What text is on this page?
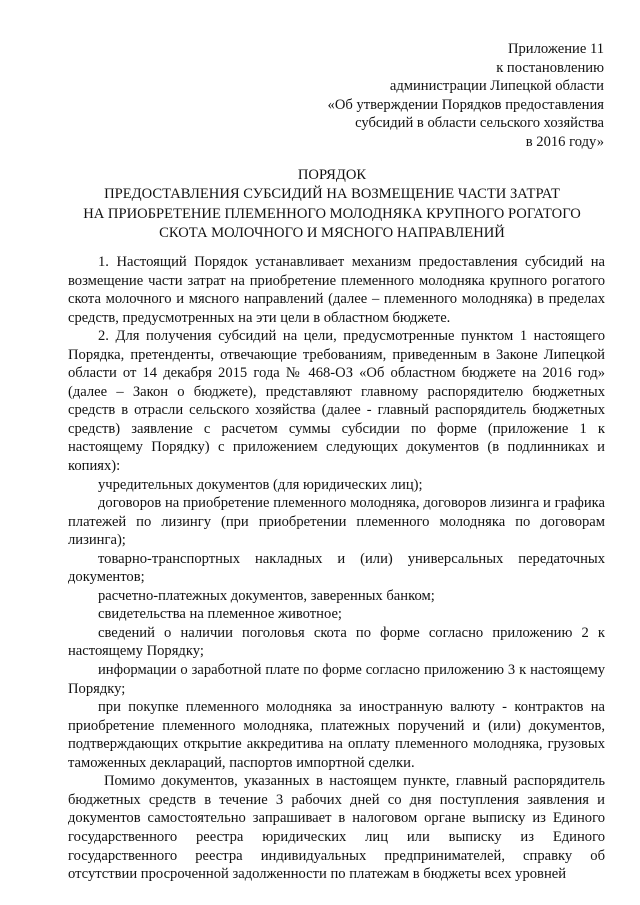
Приложение 11
к постановлению
администрации Липецкой области
«Об утверждении Порядков предоставления
субсидий в области сельского хозяйства
в 2016 году»
ПОРЯДОК
ПРЕДОСТАВЛЕНИЯ СУБСИДИЙ НА ВОЗМЕЩЕНИЕ ЧАСТИ ЗАТРАТ
НА ПРИОБРЕТЕНИЕ ПЛЕМЕННОГО МОЛОДНЯКА КРУПНОГО РОГАТОГО
СКОТА МОЛОЧНОГО И МЯСНОГО НАПРАВЛЕНИЙ

1. Настоящий Порядок устанавливает механизм предоставления субсидий на возмещение части затрат на приобретение племенного молодняка крупного рогатого скота молочного и мясного направлений (далее – племенного молодняка) в пределах средств, предусмотренных на эти цели в областном бюджете.

2. Для получения субсидий на цели, предусмотренные пунктом 1 настоящего Порядка, претенденты, отвечающие требованиям, приведенным в Законе Липецкой области от 14 декабря 2015 года № 468-ОЗ «Об областном бюджете на 2016 год» (далее – Закон о бюджете), представляют главному распорядителю бюджетных средств в отрасли сельского хозяйства (далее - главный распорядитель бюджетных средств) заявление с расчетом суммы субсидии по форме (приложение 1 к настоящему Порядку) с приложением следующих документов (в подлинниках и копиях):

учредительных документов (для юридических лиц);

договоров на приобретение племенного молодняка, договоров лизинга и графика платежей по лизингу (при приобретении племенного молодняка по договорам лизинга);

товарно-транспортных накладных и (или) универсальных передаточных документов;

расчетно-платежных документов, заверенных банком;

свидетельства на племенное животное;

сведений о наличии поголовья скота по форме согласно приложению 2 к настоящему Порядку;

информации о заработной плате по форме согласно приложению 3 к настоящему Порядку;

при покупке племенного молодняка за иностранную валюту - контрактов на приобретение племенного молодняка, платежных поручений и (или) документов, подтверждающих открытие аккредитива на оплату племенного молодняка, грузовых таможенных деклараций, паспортов импортной сделки.

Помимо документов, указанных в настоящем пункте, главный распорядитель бюджетных средств в течение 3 рабочих дней со дня поступления заявления и документов самостоятельно запрашивает в налоговом органе выписку из Единого государственного реестра юридических лиц или выписку из Единого государственного реестра индивидуальных предпринимателей, справку об отсутствии просроченной задолженности по платежам в бюджеты всех уровней
